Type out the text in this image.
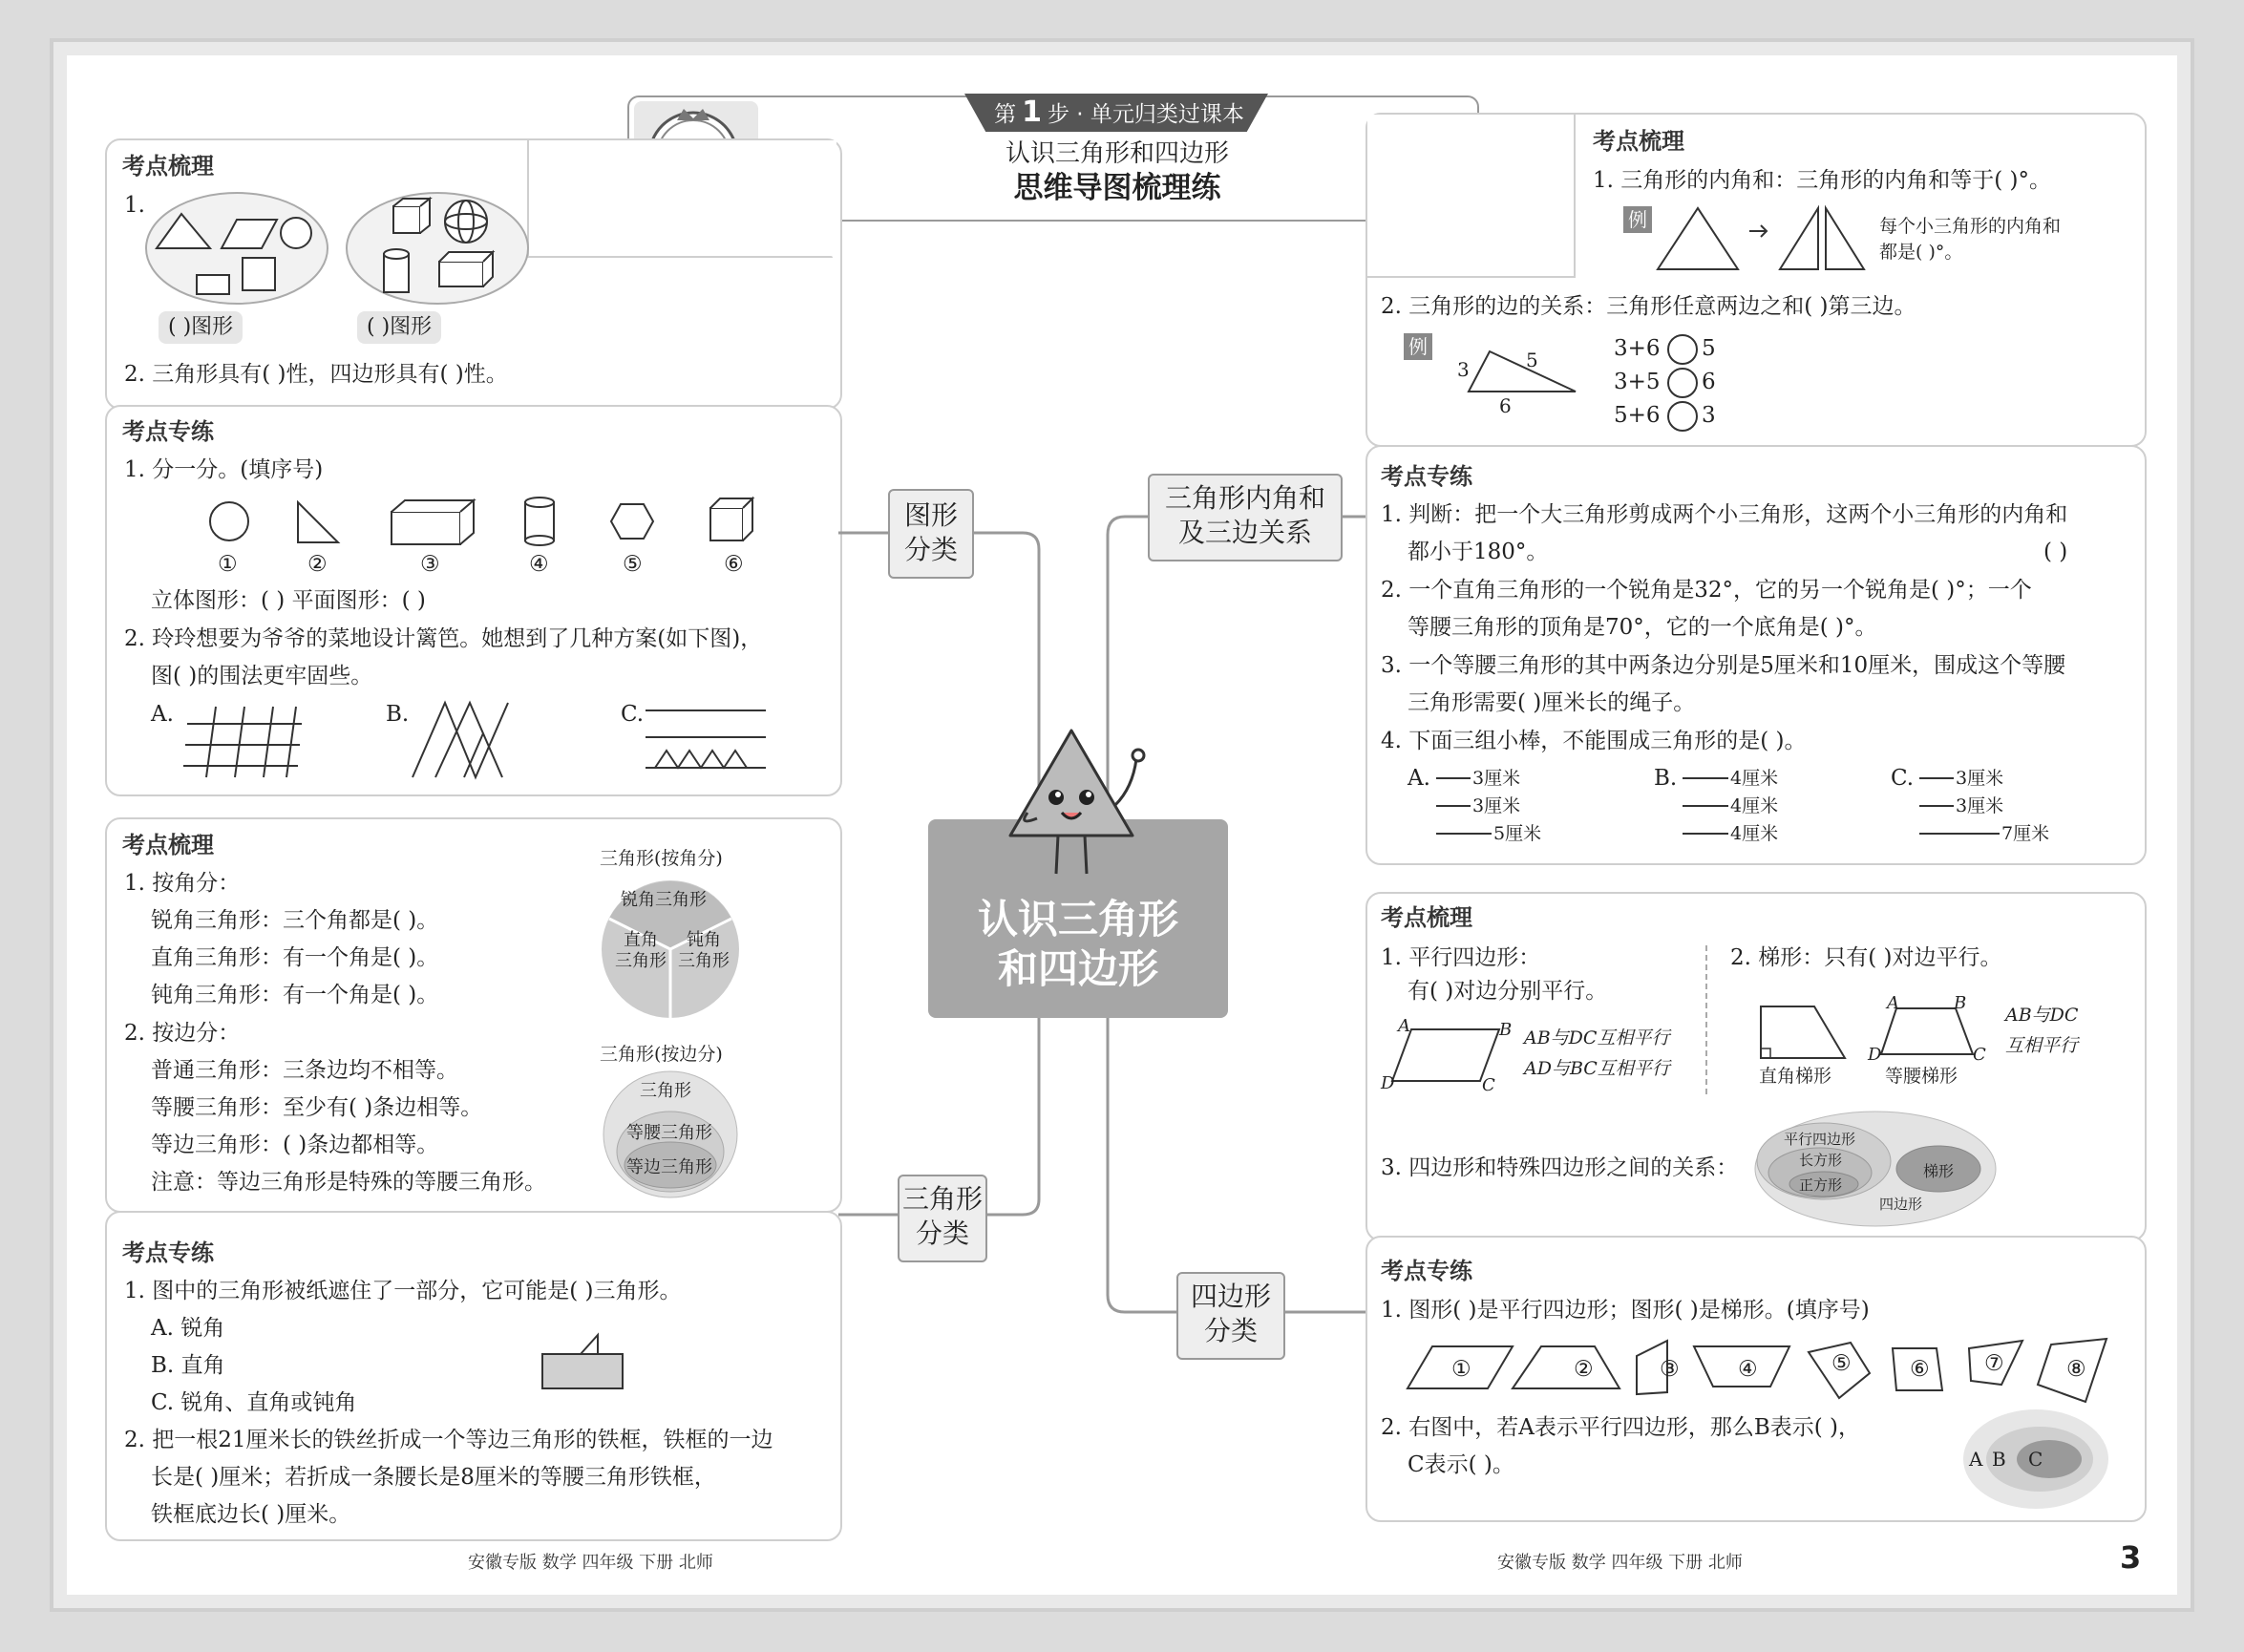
第 1 步 · 单元归类过课本
认识三角形和四边形
思维导图梳理练
认识三角形
和四边形
图形
分类
三角形
分类
三角形内角和
及三边关系
四边形
分类
考点梳理
1.
( )图形	( )图形
2. 三角形具有( )性，四边形具有( )性。
考点专练
1. 分一分。(填序号)
①	②	③	④	⑤	⑥
立体图形：( ) 平面图形：( )
2. 玲玲想要为爷爷的菜地设计篱笆。她想到了几种方案(如下图)，
图( )的围法更牢固些。
A.	B.	C.
考点梳理
1. 按角分：
锐角三角形：三个角都是( )。
直角三角形：有一个角是( )。
钝角三角形：有一个角是( )。
2. 按边分：
普通三角形：三条边均不相等。
等腰三角形：至少有( )条边相等。
等边三角形：( )条边都相等。
注意：等边三角形是特殊的等腰三角形。
三角形(按角分)
锐角三角形
直角
三角形
钝角
三角形
三角形(按边分)
三角形
等腰三角形
等边三角形
考点专练
1. 图中的三角形被纸遮住了一部分，它可能是( )三角形。
A. 锐角
B. 直角
C. 锐角、直角或钝角
2. 把一根21厘米长的铁丝折成一个等边三角形的铁框，铁框的一边
长是( )厘米；若折成一条腰长是8厘米的等腰三角形铁框，
铁框底边长( )厘米。
考点梳理
1. 三角形的内角和：三角形的内角和等于( )°。
例	每个小三角形的内角和
都是( )°。
2. 三角形的边的关系：三角形任意两边之和( )第三边。
例
3	5
6
3+6 5
3+5 6
5+6 3
考点专练
1. 判断：把一个大三角形剪成两个小三角形，这两个小三角形的内角和
都小于180°。	( )
2. 一个直角三角形的一个锐角是32°，它的另一个锐角是( )°；一个
等腰三角形的顶角是70°，它的一个底角是( )°。
3. 一个等腰三角形的其中两条边分别是5厘米和10厘米，围成这个等腰
三角形需要( )厘米长的绳子。
4. 下面三组小棒，不能围成三角形的是( )。
A. 3厘米
3厘米
5厘米
B.	4厘米
4厘米
4厘米
C. 3厘米
3厘米
7厘米
考点梳理
1. 平行四边形：
有( )对边分别平行。
A	B
C
D
AB与DC互相平行
AD与BC互相平行
2. 梯形：只有( )对边平行。
直角梯形
A	B
C
D
等腰梯形
AB与DC
互相平行
3. 四边形和特殊四边形之间的关系：
平行四边形
长方形
正方形
梯形
四边形
考点专练
1. 图形( )是平行四边形；图形( )是梯形。(填序号)
①	②	③	④	⑤	⑥ ⑦	⑧
2. 右图中，若A表示平行四边形，那么B表示( )，
C表示( )。	A B C
安徽专版 数学 四年级 下册 北师	安徽专版 数学 四年级 下册 北师	3
